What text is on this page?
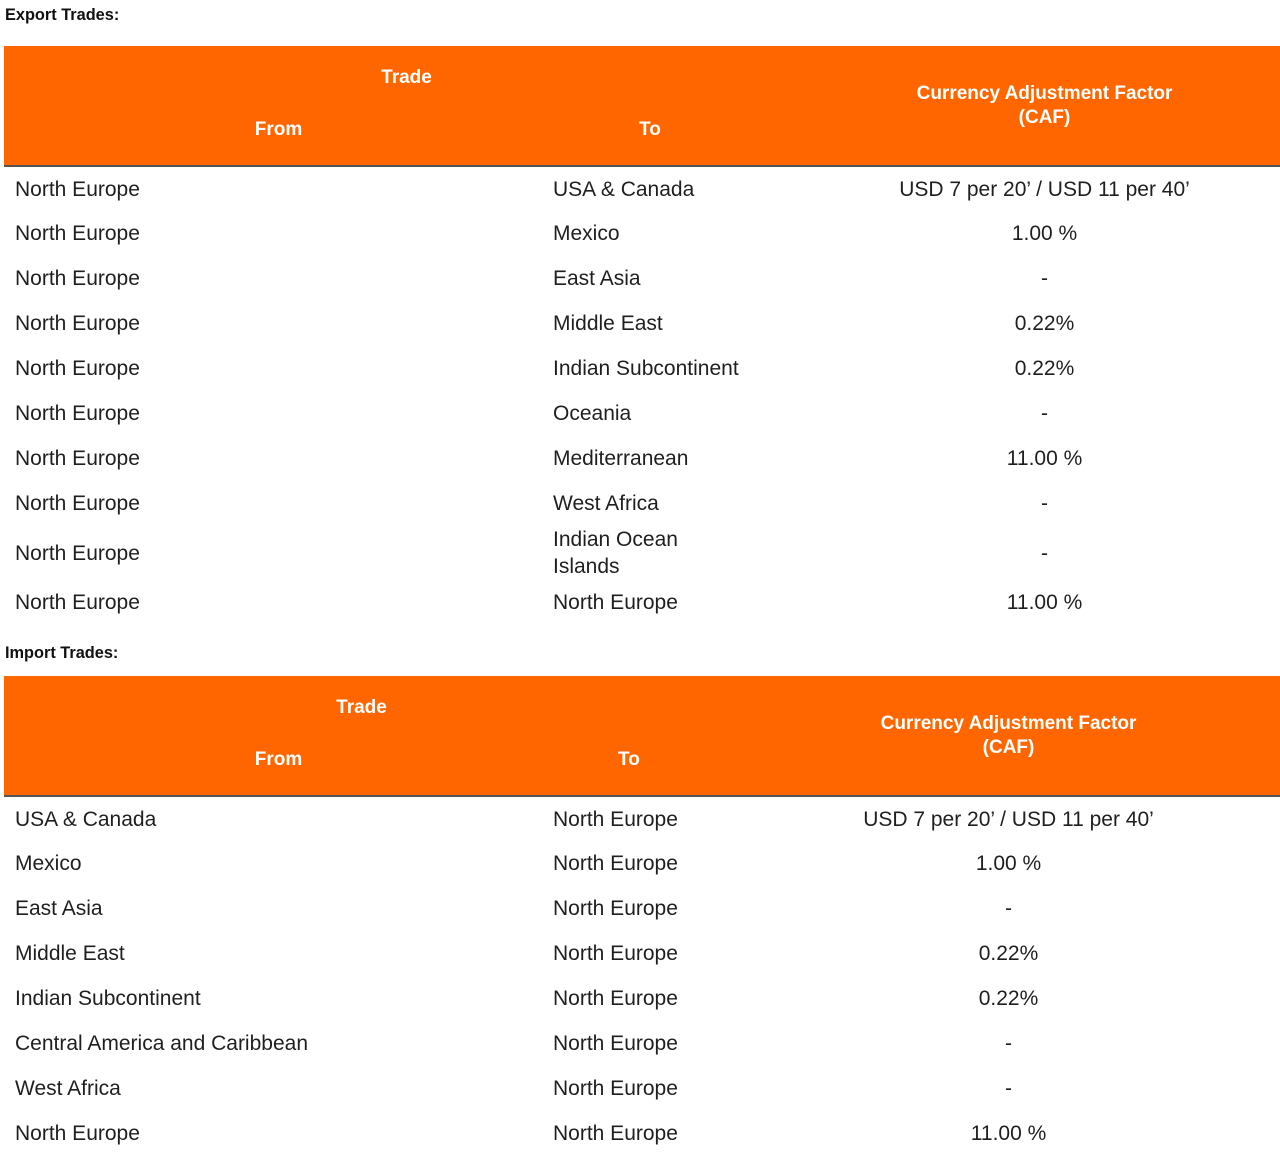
Export Trades:
Trade		Currency Adjustment Factor (CAF)
From	To	
North Europe	USA & Canada	USD 7 per 20’ / USD 11 per 40’
North Europe	Mexico	1.00 %
North Europe	East Asia	-
North Europe	Middle East	0.22%
North Europe	Indian Subcontinent	0.22%
North Europe	Oceania	-
North Europe	Mediterranean	11.00 %
North Europe	West Africa	-
North Europe	Indian Ocean Islands	-
North Europe	North Europe	11.00 %
Import Trades:
Trade		Currency Adjustment Factor (CAF)
From	To	
USA & Canada	North Europe	USD 7 per 20’ / USD 11 per 40’
Mexico	North Europe	1.00 %
East Asia	North Europe	-
Middle East	North Europe	0.22%
Indian Subcontinent	North Europe	0.22%
Central America and Caribbean	North Europe	-
West Africa	North Europe	-
North Europe	North Europe	11.00 %
